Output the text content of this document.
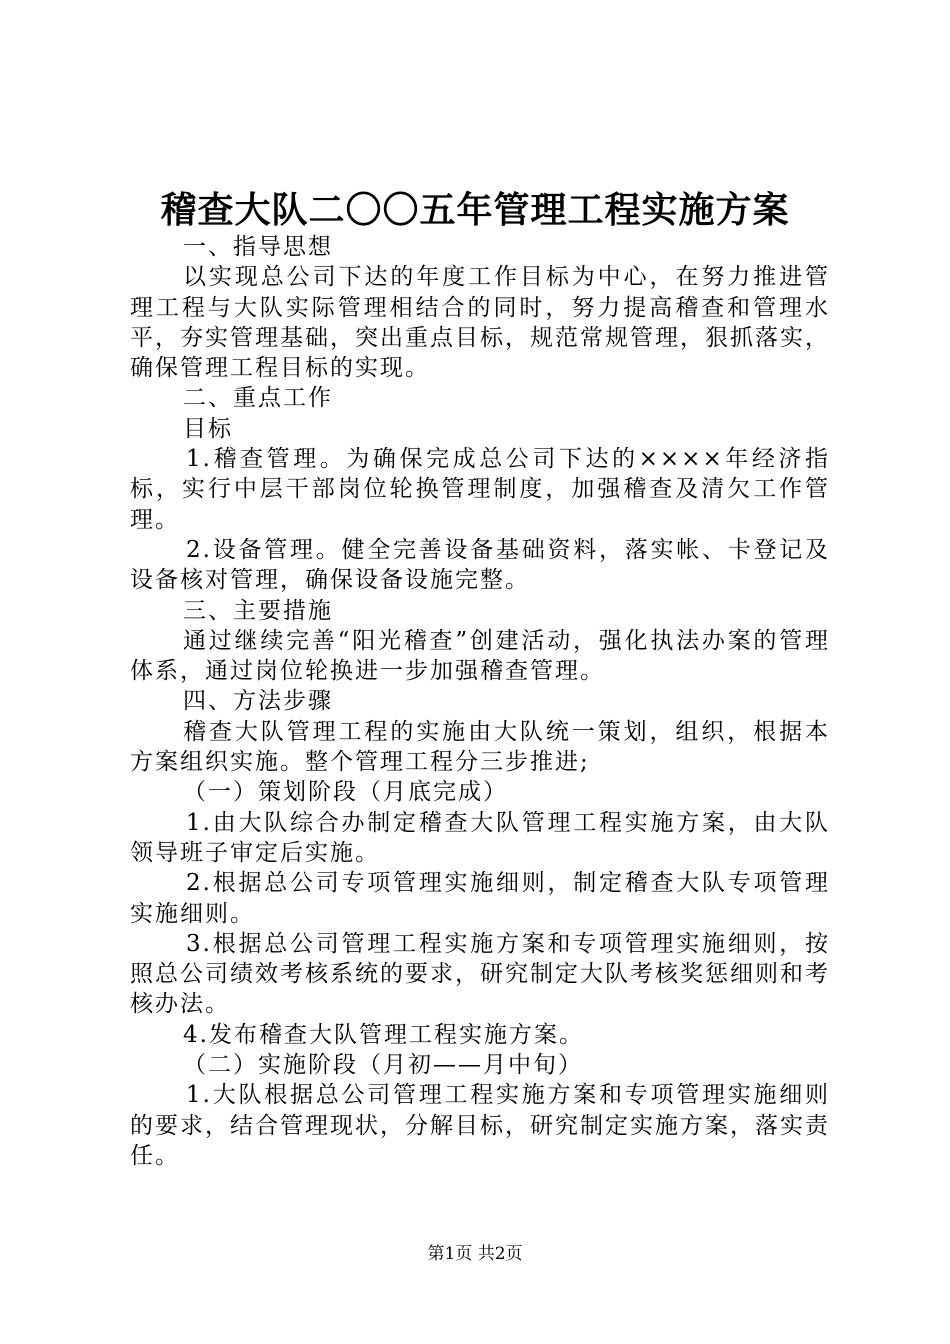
稽查大队二〇〇五年管理工程实施方案

一、指导思想

以实现总公司下达的年度工作目标为中心，在努力推进管理工程与大队实际管理相结合的同时，努力提高稽查和管理水平，夯实管理基础，突出重点目标，规范常规管理，狠抓落实，确保管理工程目标的实现。

二、重点工作

目标

1.稽查管理。为确保完成总公司下达的××××年经济指标，实行中层干部岗位轮换管理制度，加强稽查及清欠工作管理。

2.设备管理。健全完善设备基础资料，落实帐、卡登记及设备核对管理，确保设备设施完整。

三、主要措施

通过继续完善“阳光稽查”创建活动，强化执法办案的管理体系，通过岗位轮换进一步加强稽查管理。

四、方法步骤

稽查大队管理工程的实施由大队统一策划，组织，根据本方案组织实施。整个管理工程分三步推进;

（一）策划阶段（月底完成）

1.由大队综合办制定稽查大队管理工程实施方案，由大队领导班子审定后实施。

2.根据总公司专项管理实施细则，制定稽查大队专项管理实施细则。

3.根据总公司管理工程实施方案和专项管理实施细则，按照总公司绩效考核系统的要求，研究制定大队考核奖惩细则和考核办法。

4.发布稽查大队管理工程实施方案。

（二）实施阶段（月初——月中旬）

1.大队根据总公司管理工程实施方案和专项管理实施细则的要求，结合管理现状，分解目标，研究制定实施方案，落实责任。

第1页 共2页
